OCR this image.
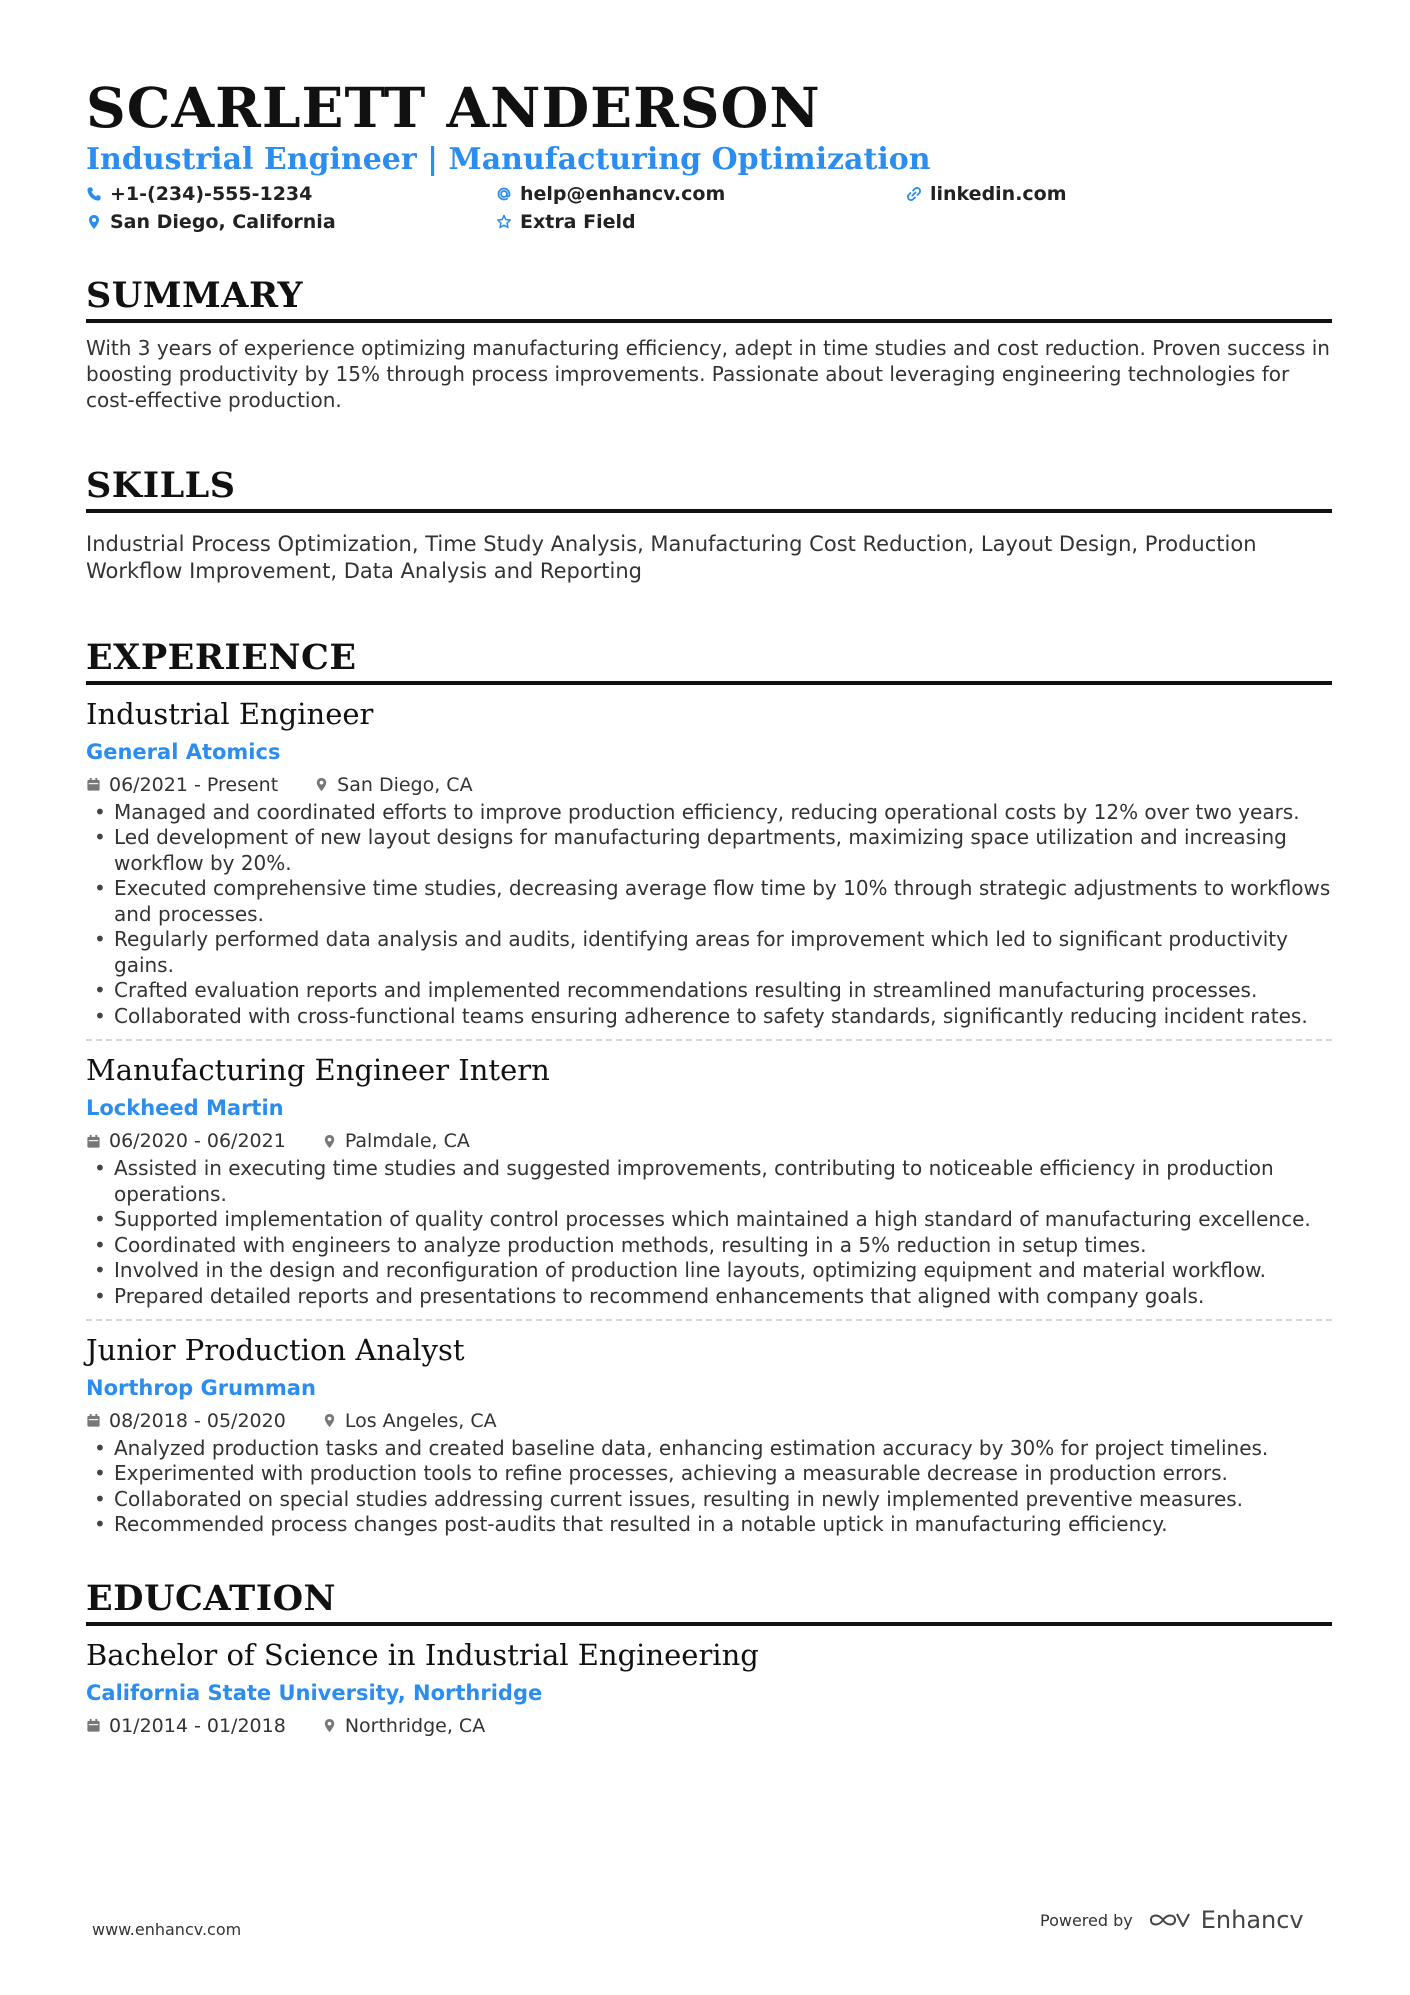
SCARLETT ANDERSON
Industrial Engineer | Manufacturing Optimization
+1-(234)-555-1234	help@enhancv.com	linkedin.com
San Diego, California	Extra Field
SUMMARY

With 3 years of experience optimizing manufacturing efficiency, adept in time studies and cost reduction. Proven success in boosting productivity by 15% through process improvements. Passionate about leveraging engineering technologies for cost-effective production.

SKILLS

Industrial Process Optimization, Time Study Analysis, Manufacturing Cost Reduction, Layout Design, Production Workflow Improvement, Data Analysis and Reporting

EXPERIENCE
Industrial Engineer
General Atomics
06/2021 - Present	San Diego, CA
• Managed and coordinated efforts to improve production efficiency, reducing operational costs by 12% over two years.
• Led development of new layout designs for manufacturing departments, maximizing space utilization and increasing workflow by 20%.
• Executed comprehensive time studies, decreasing average flow time by 10% through strategic adjustments to workflows and processes.
• Regularly performed data analysis and audits, identifying areas for improvement which led to significant productivity gains.
• Crafted evaluation reports and implemented recommendations resulting in streamlined manufacturing processes.
• Collaborated with cross-functional teams ensuring adherence to safety standards, significantly reducing incident rates.
Manufacturing Engineer Intern
Lockheed Martin
06/2020 - 06/2021	Palmdale, CA
• Assisted in executing time studies and suggested improvements, contributing to noticeable efficiency in production operations.
• Supported implementation of quality control processes which maintained a high standard of manufacturing excellence.
• Coordinated with engineers to analyze production methods, resulting in a 5% reduction in setup times.
• Involved in the design and reconfiguration of production line layouts, optimizing equipment and material workflow.
• Prepared detailed reports and presentations to recommend enhancements that aligned with company goals.
Junior Production Analyst
Northrop Grumman
08/2018 - 05/2020	Los Angeles, CA
• Analyzed production tasks and created baseline data, enhancing estimation accuracy by 30% for project timelines.
• Experimented with production tools to refine processes, achieving a measurable decrease in production errors.
• Collaborated on special studies addressing current issues, resulting in newly implemented preventive measures.
• Recommended process changes post-audits that resulted in a notable uptick in manufacturing efficiency.
EDUCATION
Bachelor of Science in Industrial Engineering
California State University, Northridge
01/2014 - 01/2018	Northridge, CA
www.enhancv.com	Powered by	Enhancv
